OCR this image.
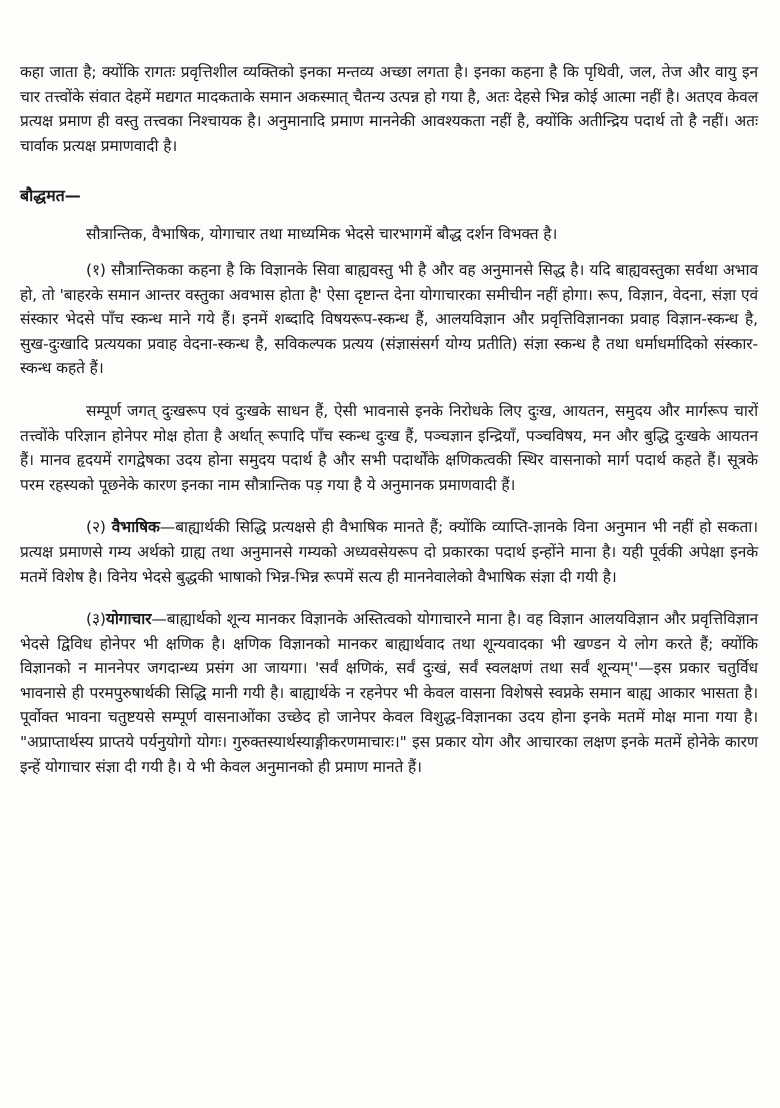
कहा जाता है; क्योंकि रागतः प्रवृत्तिशील व्यक्तिको इनका मन्तव्य अच्छा लगता है। इनका कहना है कि पृथिवी, जल, तेज और वायु इन चार तत्त्वोंके संवात देहमें मद्यगत मादकताके समान अकस्मात् चैतन्य उत्पन्न हो गया है, अतः देहसे भिन्न कोई आत्मा नहीं है। अतएव केवल प्रत्यक्ष प्रमाण ही वस्तु तत्त्वका निश्चायक है। अनुमानादि प्रमाण माननेकी आवश्यकता नहीं है, क्योंकि अतीन्द्रिय पदार्थ तो है नहीं। अतः चार्वाक प्रत्यक्ष प्रमाणवादी है।

बौद्धमत—

सौत्रान्तिक, वैभाषिक, योगाचार तथा माध्यमिक भेदसे चारभागमें बौद्ध दर्शन विभक्त है।

(१) सौत्रान्तिकका कहना है कि विज्ञानके सिवा बाह्यवस्तु भी है और वह अनुमानसे सिद्ध है। यदि बाह्यवस्तुका सर्वथा अभाव हो, तो 'बाहरके समान आन्तर वस्तुका अवभास होता है' ऐसा दृष्टान्त देना योगाचारका समीचीन नहीं होगा। रूप, विज्ञान, वेदना, संज्ञा एवं संस्कार भेदसे पाँच स्कन्ध माने गये हैं। इनमें शब्दादि विषयरूप-स्कन्ध हैं, आलयविज्ञान और प्रवृत्तिविज्ञानका प्रवाह विज्ञान-स्कन्ध है, सुख-दुःखादि प्रत्ययका प्रवाह वेदना-स्कन्ध है, सविकल्पक प्रत्यय (संज्ञासंसर्ग योग्य प्रतीति) संज्ञा स्कन्ध है तथा धर्माधर्मादिको संस्कार-स्कन्ध कहते हैं।

सम्पूर्ण जगत् दुःखरूप एवं दुःखके साधन हैं, ऐसी भावनासे इनके निरोधके लिए दुःख, आयतन, समुदय और मार्गरूप चारों तत्त्वोंके परिज्ञान होनेपर मोक्ष होता है अर्थात् रूपादि पाँच स्कन्ध दुःख हैं, पञ्चज्ञान इन्द्रियाँ, पञ्चविषय, मन और बुद्धि दुःखके आयतन हैं। मानव हृदयमें रागद्वेषका उदय होना समुदय पदार्थ है और सभी पदार्थोंके क्षणिकत्वकी स्थिर वासनाको मार्ग पदार्थ कहते हैं। सूत्रके परम रहस्यको पूछनेके कारण इनका नाम सौत्रान्तिक पड़ गया है ये अनुमानक प्रमाणवादी हैं।

(२) वैभाषिक—बाह्यार्थकी सिद्धि प्रत्यक्षसे ही वैभाषिक मानते हैं; क्योंकि व्याप्ति-ज्ञानके विना अनुमान भी नहीं हो सकता। प्रत्यक्ष प्रमाणसे गम्य अर्थको ग्राह्य तथा अनुमानसे गम्यको अध्यवसेयरूप दो प्रकारका पदार्थ इन्होंने माना है। यही पूर्वकी अपेक्षा इनके मतमें विशेष है। विनेय भेदसे बुद्धकी भाषाको भिन्न-भिन्न रूपमें सत्य ही माननेवालेको वैभाषिक संज्ञा दी गयी है।

(३)योगाचार—बाह्यार्थको शून्य मानकर विज्ञानके अस्तित्वको योगाचारने माना है। वह विज्ञान आलयविज्ञान और प्रवृत्तिविज्ञान भेदसे द्विविध होनेपर भी क्षणिक है। क्षणिक विज्ञानको मानकर बाह्यार्थवाद तथा शून्यवादका भी खण्डन ये लोग करते हैं; क्योंकि विज्ञानको न माननेपर जगदान्ध्य प्रसंग आ जायगा। 'सर्वं क्षणिकं, सर्वं दुःखं, सर्वं स्वलक्षणं तथा सर्वं शून्यम्''—इस प्रकार चतुर्विध भावनासे ही परमपुरुषार्थकी सिद्धि मानी गयी है। बाह्यार्थके न रहनेपर भी केवल वासना विशेषसे स्वप्नके समान बाह्य आकार भासता है। पूर्वोक्त भावना चतुष्टयसे सम्पूर्ण वासनाओंका उच्छेद हो जानेपर केवल विशुद्ध-विज्ञानका उदय होना इनके मतमें मोक्ष माना गया है। "अप्राप्तार्थस्य प्राप्तये पर्यनुयोगो योगः। गुरुक्तस्यार्थस्याङ्गीकरणमाचारः।" इस प्रकार योग और आचारका लक्षण इनके मतमें होनेके कारण इन्हें योगाचार संज्ञा दी गयी है। ये भी केवल अनुमानको ही प्रमाण मानते हैं।
